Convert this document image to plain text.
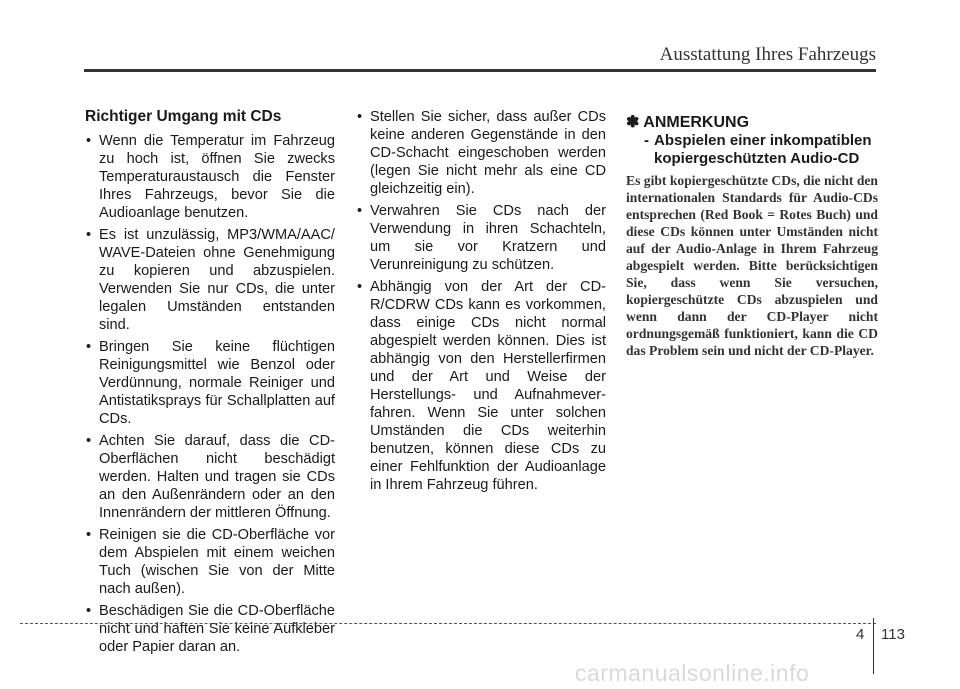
Ausstattung Ihres Fahrzeugs
Richtiger Umgang mit CDs
• Wenn die Temperatur im Fahrzeug zu hoch ist, öffnen Sie zwecks Temperaturaustausch die Fenster Ihres Fahrzeugs, bevor Sie die Audioanlage benutzen.
• Es ist unzulässig, MP3/WMA/AAC/ WAVE-Dateien ohne Genehmigung zu kopieren und abzuspielen. Verwenden Sie nur CDs, die unter legalen Umständen entstanden sind.
• Bringen Sie keine flüchtigen Reinigungsmittel wie Benzol oder Verdünnung, normale Reiniger und Antistatiksprays für Schallplatten auf CDs.
• Achten Sie darauf, dass die CD-Oberflächen nicht beschädigt werden. Halten und tragen sie CDs an den Außenrändern oder an den Innenrändern der mittleren Öffnung.
• Reinigen sie die CD-Oberfläche vor dem Abspielen mit einem weichen Tuch (wischen Sie von der Mitte nach außen).
• Beschädigen Sie die CD-Oberfläche nicht und haften Sie keine Aufkleber oder Papier daran an.
• Stellen Sie sicher, dass außer CDs keine anderen Gegenstände in den CD-Schacht eingeschoben werden (legen Sie nicht mehr als eine CD gleichzeitig ein).
• Verwahren Sie CDs nach der Verwendung in ihren Schachteln, um sie vor Kratzern und Verunreinigung zu schützen.
• Abhängig von der Art der CD-R/CDRW CDs kann es vorkommen, dass einige CDs nicht normal abgespielt werden können. Dies ist abhängig von den Herstellerfirmen und der Art und Weise der Herstellungs- und Aufnahmever- fahren. Wenn Sie unter solchen Umständen die CDs weiterhin benutzen, können diese CDs zu einer Fehlfunktion der Audioanlage in Ihrem Fahrzeug führen.
✽ ANMERKUNG
- Abspielen einer inkompatiblen kopiergeschützten Audio-CD
Es gibt kopiergeschützte CDs, die nicht den internationalen Standards für Audio-CDs entsprechen (Red Book = Rotes Buch) und diese CDs können unter Umständen nicht auf der Audio-Anlage in Ihrem Fahrzeug abgespielt werden. Bitte berücksichtigen Sie, dass wenn Sie versuchen, kopiergeschützte CDs abzuspielen und wenn dann der CD-Player nicht ordnungsgemäß funktioniert, kann die CD das Problem sein und nicht der CD-Player.
4 113
carmanualsonline.info
